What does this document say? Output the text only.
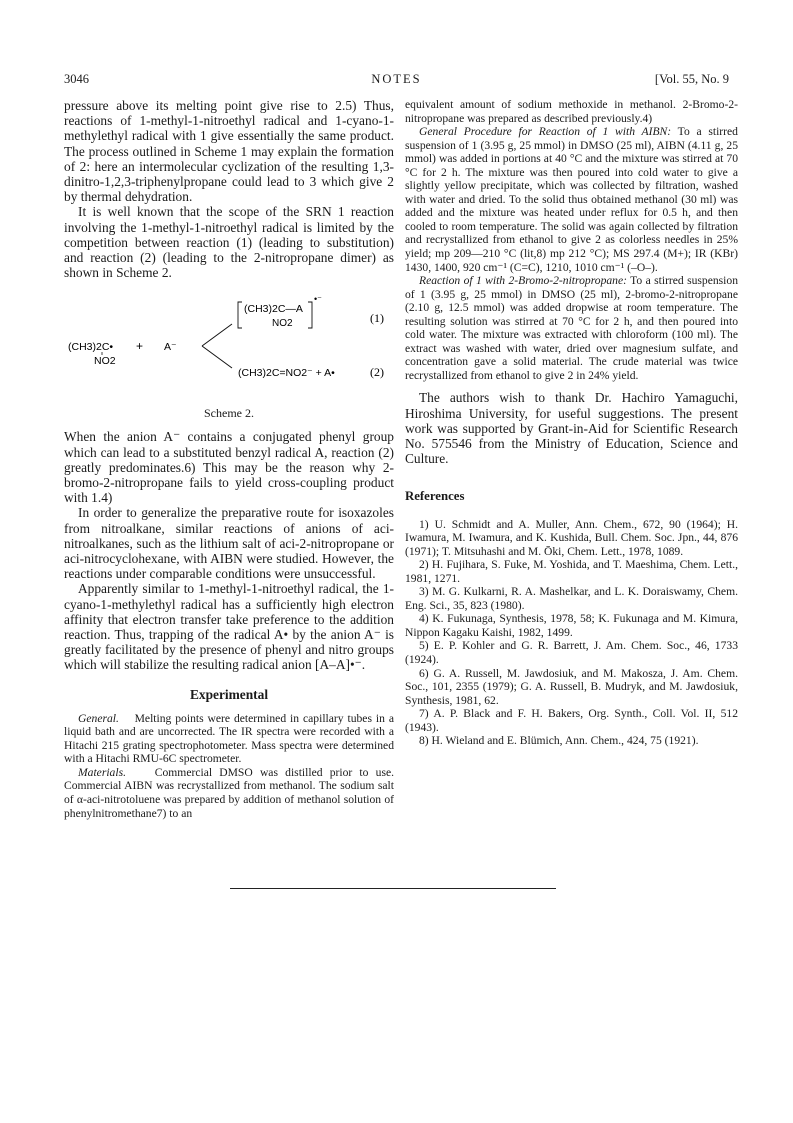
3046	NOTES	[Vol. 55, No. 9

pressure above its melting point give rise to 2.5) Thus, reactions of 1-methyl-1-nitroethyl radical and 1-cyano-1-methylethyl radical with 1 give essentially the same product. The process outlined in Scheme 1 may explain the formation of 2: here an intermolecular cyclization of the resulting 1,3-dinitro-1,2,3-triphenylpropane could lead to 3 which give 2 by thermal dehydration.

It is well known that the scope of the SRN 1 reaction involving the 1-methyl-1-nitroethyl radical is limited by the competition between reaction (1) (leading to substitution) and reaction (2) (leading to the 2-nitropropane dimer) as shown in Scheme 2.

(CH3)2C•
NO2
+ A⁻
(CH3)2C—A
NO2
•⁻
(1)
(CH3)2C=NO2⁻ + A•	(2)
Scheme 2.

When the anion A⁻ contains a conjugated phenyl group which can lead to a substituted benzyl radical A, reaction (2) greatly predominates.6) This may be the reason why 2-bromo-2-nitropropane fails to yield cross-coupling product with 1.4)

In order to generalize the preparative route for isoxazoles from nitroalkane, similar reactions of anions of aci-nitroalkanes, such as the lithium salt of aci-2-nitropropane or aci-nitrocyclohexane, with AIBN were studied. However, the reactions under comparable conditions were unsuccessful.

Apparently similar to 1-methyl-1-nitroethyl radical, the 1-cyano-1-methylethyl radical has a sufficiently high electron affinity that electron transfer take preference to the addition reaction. Thus, trapping of the radical A• by the anion A⁻ is greatly facilitated by the presence of phenyl and nitro groups which will stabilize the resulting radical anion [A–A]•⁻.

Experimental

General. Melting points were determined in capillary tubes in a liquid bath and are uncorrected. The IR spectra were recorded with a Hitachi 215 grating spectrophotometer. Mass spectra were determined with a Hitachi RMU-6C spectrometer.

Materials. Commercial DMSO was distilled prior to use. Commercial AIBN was recrystallized from methanol. The sodium salt of α-aci-nitrotoluene was prepared by addition of methanol solution of phenylnitromethane7) to an

equivalent amount of sodium methoxide in methanol. 2-Bromo-2-nitropropane was prepared as described previously.4)

General Procedure for Reaction of 1 with AIBN: To a stirred suspension of 1 (3.95 g, 25 mmol) in DMSO (25 ml), AIBN (4.11 g, 25 mmol) was added in portions at 40 °C and the mixture was stirred at 70 °C for 2 h. The mixture was then poured into cold water to give a slightly yellow precipitate, which was collected by filtration, washed with water and dried. To the solid thus obtained methanol (30 ml) was added and the mixture was heated under reflux for 0.5 h, and then cooled to room temperature. The solid was again collected by filtration and recrystallized from ethanol to give 2 as colorless needles in 25% yield; mp 209—210 °C (lit,8) mp 212 °C); MS 297.4 (M+); IR (KBr) 1430, 1400, 920 cm⁻¹ (C=C), 1210, 1010 cm⁻¹ (–O–).

Reaction of 1 with 2-Bromo-2-nitropropane: To a stirred suspension of 1 (3.95 g, 25 mmol) in DMSO (25 ml), 2-bromo-2-nitropropane (2.10 g, 12.5 mmol) was added dropwise at room temperature. The resulting solution was stirred at 70 °C for 2 h, and then poured into cold water. The mixture was extracted with chloroform (100 ml). The extract was washed with water, dried over magnesium sulfate, and concentration gave a solid material. The crude material was twice recrystallized from ethanol to give 2 in 24% yield.

The authors wish to thank Dr. Hachiro Yamaguchi, Hiroshima University, for useful suggestions. The present work was supported by Grant-in-Aid for Scientific Research No. 575546 from the Ministry of Education, Science and Culture.

References

1) U. Schmidt and A. Muller, Ann. Chem., 672, 90 (1964); H. Iwamura, M. Iwamura, and K. Kushida, Bull. Chem. Soc. Jpn., 44, 876 (1971); T. Mitsuhashi and M. Ōki, Chem. Lett., 1978, 1089.

2) H. Fujihara, S. Fuke, M. Yoshida, and T. Maeshima, Chem. Lett., 1981, 1271.

3) M. G. Kulkarni, R. A. Mashelkar, and L. K. Doraiswamy, Chem. Eng. Sci., 35, 823 (1980).

4) K. Fukunaga, Synthesis, 1978, 58; K. Fukunaga and M. Kimura, Nippon Kagaku Kaishi, 1982, 1499.

5) E. P. Kohler and G. R. Barrett, J. Am. Chem. Soc., 46, 1733 (1924).

6) G. A. Russell, M. Jawdosiuk, and M. Makosza, J. Am. Chem. Soc., 101, 2355 (1979); G. A. Russell, B. Mudryk, and M. Jawdosiuk, Synthesis, 1981, 62.

7) A. P. Black and F. H. Bakers, Org. Synth., Coll. Vol. II, 512 (1943).

8) H. Wieland and E. Blümich, Ann. Chem., 424, 75 (1921).
